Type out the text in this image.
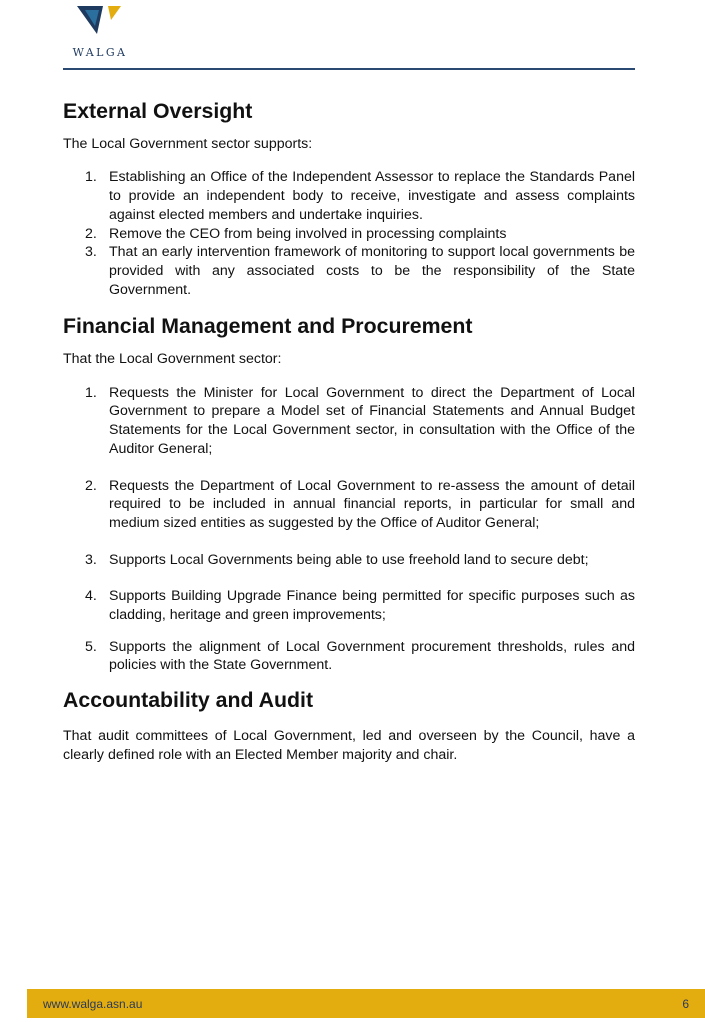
WALGA
External Oversight

The Local Government sector supports:

1. Establishing an Office of the Independent Assessor to replace the Standards Panel to provide an independent body to receive, investigate and assess complaints against elected members and undertake inquiries.
2. Remove the CEO from being involved in processing complaints
3. That an early intervention framework of monitoring to support local governments be provided with any associated costs to be the responsibility of the State Government.
Financial Management and Procurement

That the Local Government sector:

1. Requests the Minister for Local Government to direct the Department of Local Government to prepare a Model set of Financial Statements and Annual Budget Statements for the Local Government sector, in consultation with the Office of the Auditor General;
2. Requests the Department of Local Government to re-assess the amount of detail required to be included in annual financial reports, in particular for small and medium sized entities as suggested by the Office of Auditor General;
3. Supports Local Governments being able to use freehold land to secure debt;
4. Supports Building Upgrade Finance being permitted for specific purposes such as cladding, heritage and green improvements;
5. Supports the alignment of Local Government procurement thresholds, rules and policies with the State Government.
Accountability and Audit

That audit committees of Local Government, led and overseen by the Council, have a clearly defined role with an Elected Member majority and chair.

www.walga.asn.au	6
